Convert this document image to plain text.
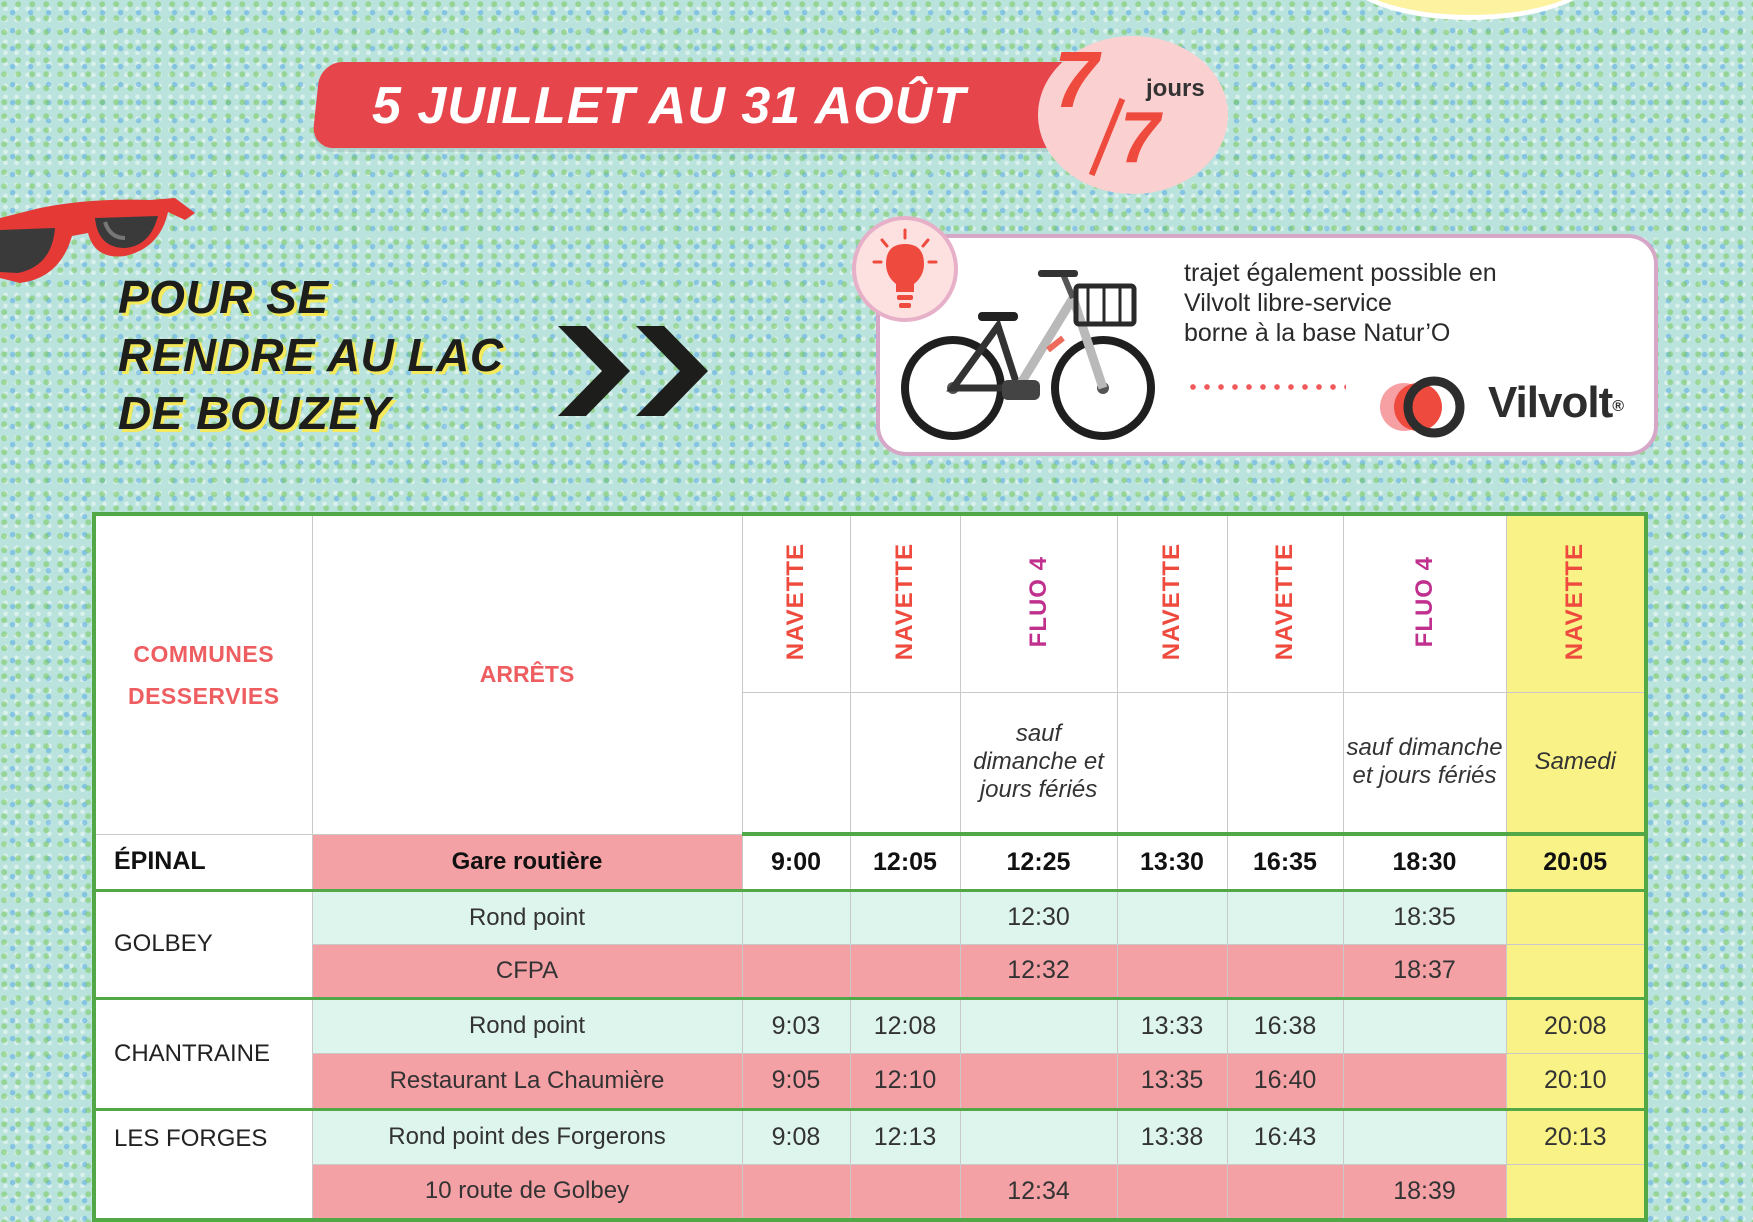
5 JUILLET AU 31 AOÛT	7 jours
7
POUR SE
RENDRE AU LAC
DE BOUZEY
trajet également possible en
Vilvolt libre-service
borne à la base Natur’O
Vilvolt®
COMMUNES DESSERVIES	ARRÊTS	NAVETTE	NAVETTE	FLUO 4	NAVETTE	NAVETTE	FLUO 4	NAVETTE
				sauf dimanche et jours fériés			sauf dimanche et jours fériés	Samedi
ÉPINAL	Gare routière	9:00	12:05	12:25	13:30	16:35	18:30	20:05
GOLBEY	Rond point			12:30			18:35	
	CFPA			12:32			18:37	
CHANTRAINE	Rond point	9:03	12:08		13:33	16:38		20:08
	Restaurant La Chaumière	9:05	12:10		13:35	16:40		20:10
LES FORGES	Rond point des Forgerons	9:08	12:13		13:38	16:43		20:13
	10 route de Golbey			12:34			18:39	
